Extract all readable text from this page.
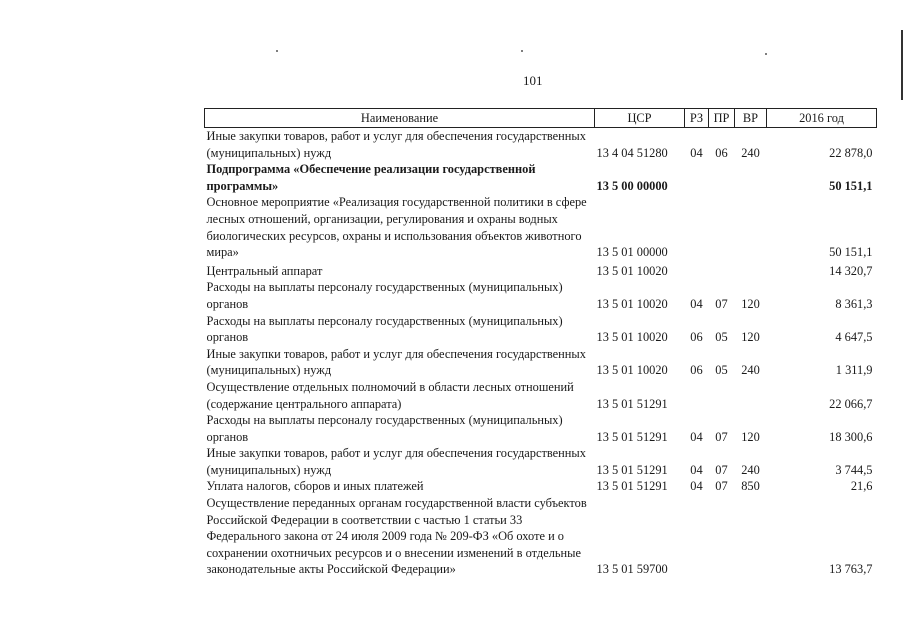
101
Наименование	ЦСР	РЗ	ПР	ВР	2016 год
Иные закупки товаров, работ и услуг для обеспечения государственных (муниципальных) нужд	13 4 04 51280	04	06	240	22 878,0
Подпрограмма «Обеспечение реализации государственной программы»	13 5 00 00000				50 151,1
Основное мероприятие «Реализация государственной политики в сфере лесных отношений, организации, регулирования и охраны водных биологических ресурсов, охраны и использования объектов животного мира»	13 5 01 00000				50 151,1
Центральный аппарат	13 5 01 10020				14 320,7
Расходы на выплаты персоналу государственных (муниципальных) органов	13 5 01 10020	04	07	120	8 361,3
Расходы на выплаты персоналу государственных (муниципальных) органов	13 5 01 10020	06	05	120	4 647,5
Иные закупки товаров, работ и услуг для обеспечения государственных (муниципальных) нужд	13 5 01 10020	06	05	240	1 311,9
Осуществление отдельных полномочий в области лесных отношений (содержание центрального аппарата)	13 5 01 51291				22 066,7
Расходы на выплаты персоналу государственных (муниципальных) органов	13 5 01 51291	04	07	120	18 300,6
Иные закупки товаров, работ и услуг для обеспечения государственных (муниципальных) нужд	13 5 01 51291	04	07	240	3 744,5
Уплата налогов, сборов и иных платежей	13 5 01 51291	04	07	850	21,6
Осуществление переданных органам государственной власти субъектов Российской Федерации в соответствии с частью 1 статьи 33 Федерального закона от 24 июля 2009 года № 209-ФЗ «Об охоте и о сохранении охотничьих ресурсов и о внесении изменений в отдельные законодательные акты Российской Федерации»	13 5 01 59700				13 763,7
